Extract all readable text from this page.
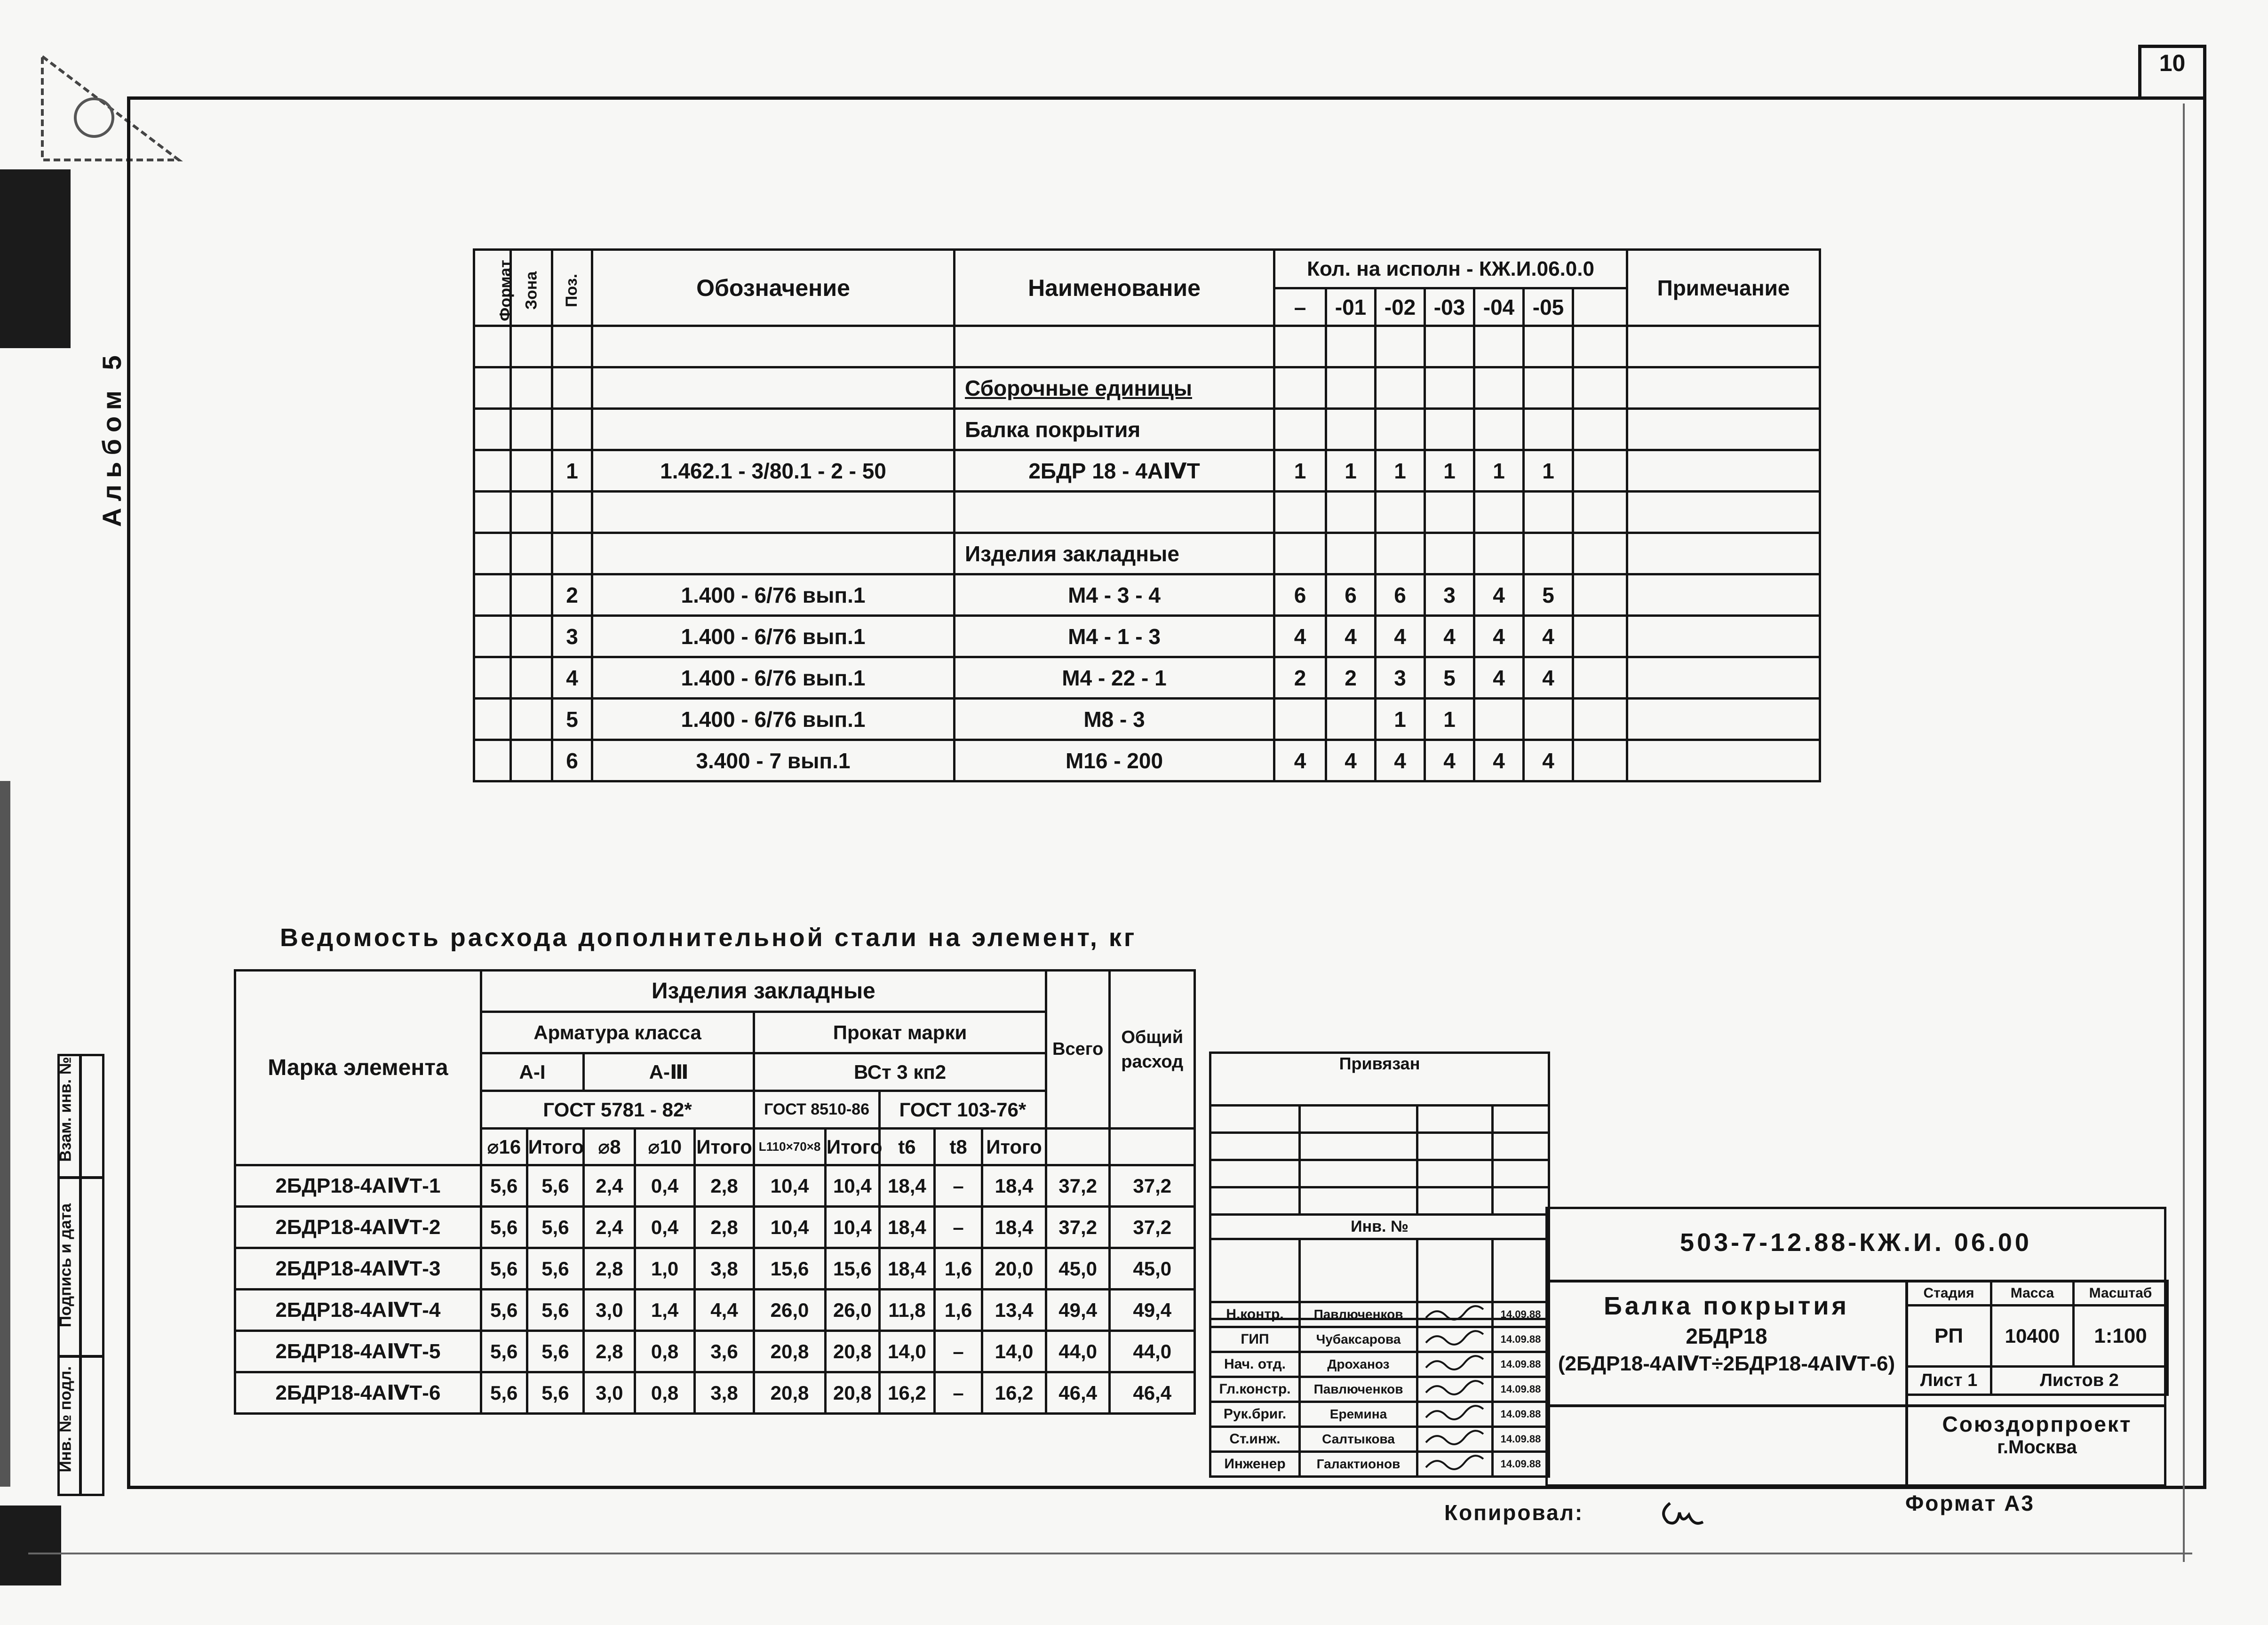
10
Альбом 5
Взам. инв. №
Подпись и дата
Инв. № подл.
Формат	Зона	Поз.	Обозначение	Наименование	Кол. на исполн - КЖ.И.06.0.0							Примечание
					–	-01	-02	-03	-04	-05		

				Сборочные единицы								
				Балка покрытия								
		1	1.462.1 - 3/80.1 - 2 - 50	2БДР 18 - 4АⅣТ	1	1	1	1	1	1		

				Изделия закладные								
		2	1.400 - 6/76 вып.1	М4 - 3 - 4	6	6	6	3	4	5		
		3	1.400 - 6/76 вып.1	М4 - 1 - 3	4	4	4	4	4	4		
		4	1.400 - 6/76 вып.1	М4 - 22 - 1	2	2	3	5	4	4		
		5	1.400 - 6/76 вып.1	М8 - 3			1	1				
		6	3.400 - 7 вып.1	М16 - 200	4	4	4	4	4	4		
Ведомость расхода дополнительной стали на элемент, кг
Марка элемента	Изделия закладные										Всего	Общий расход
	Арматура класса					Прокат марки						
	А-I		А-Ⅲ			ВСт 3 кп2						
	ГОСТ 5781 - 82*					ГОСТ 8510-86		ГОСТ 103-76*				
	⌀16	Итого	⌀8	⌀10	Итого	L110×70×8	Итого	t6	t8	Итого		
2БДР18-4АⅣТ-1	5,6	5,6	2,4	0,4	2,8	10,4	10,4	18,4	–	18,4	37,2	37,2
2БДР18-4АⅣТ-2	5,6	5,6	2,4	0,4	2,8	10,4	10,4	18,4	–	18,4	37,2	37,2
2БДР18-4АⅣТ-3	5,6	5,6	2,8	1,0	3,8	15,6	15,6	18,4	1,6	20,0	45,0	45,0
2БДР18-4АⅣТ-4	5,6	5,6	3,0	1,4	4,4	26,0	26,0	11,8	1,6	13,4	49,4	49,4
2БДР18-4АⅣТ-5	5,6	5,6	2,8	0,8	3,6	20,8	20,8	14,0	–	14,0	44,0	44,0
2БДР18-4АⅣТ-6	5,6	5,6	3,0	0,8	3,8	20,8	20,8	16,2	–	16,2	46,4	46,4
Привязан			

Инв. №			

Н.контр.	Павлюченков		14.09.88
ГИП	Чубаксарова		14.09.88
Нач. отд.	Дроханоз		14.09.88
Гл.констр.	Павлюченков		14.09.88
Рук.бриг.	Еремина		14.09.88
Ст.инж.	Салтыкова		14.09.88
Инженер	Галактионов		14.09.88
503-7-12.88-КЖ.И. 06.00
Балка покрытия
2БДР18
(2БДР18-4АⅣТ÷2БДР18-4АⅣТ-6)
Стадия	Масса	Масштаб
РП	10400	1:100
Лист 1	Листов 2	
Союздорпроект
г.Москва
Копировал:	Формат А3
